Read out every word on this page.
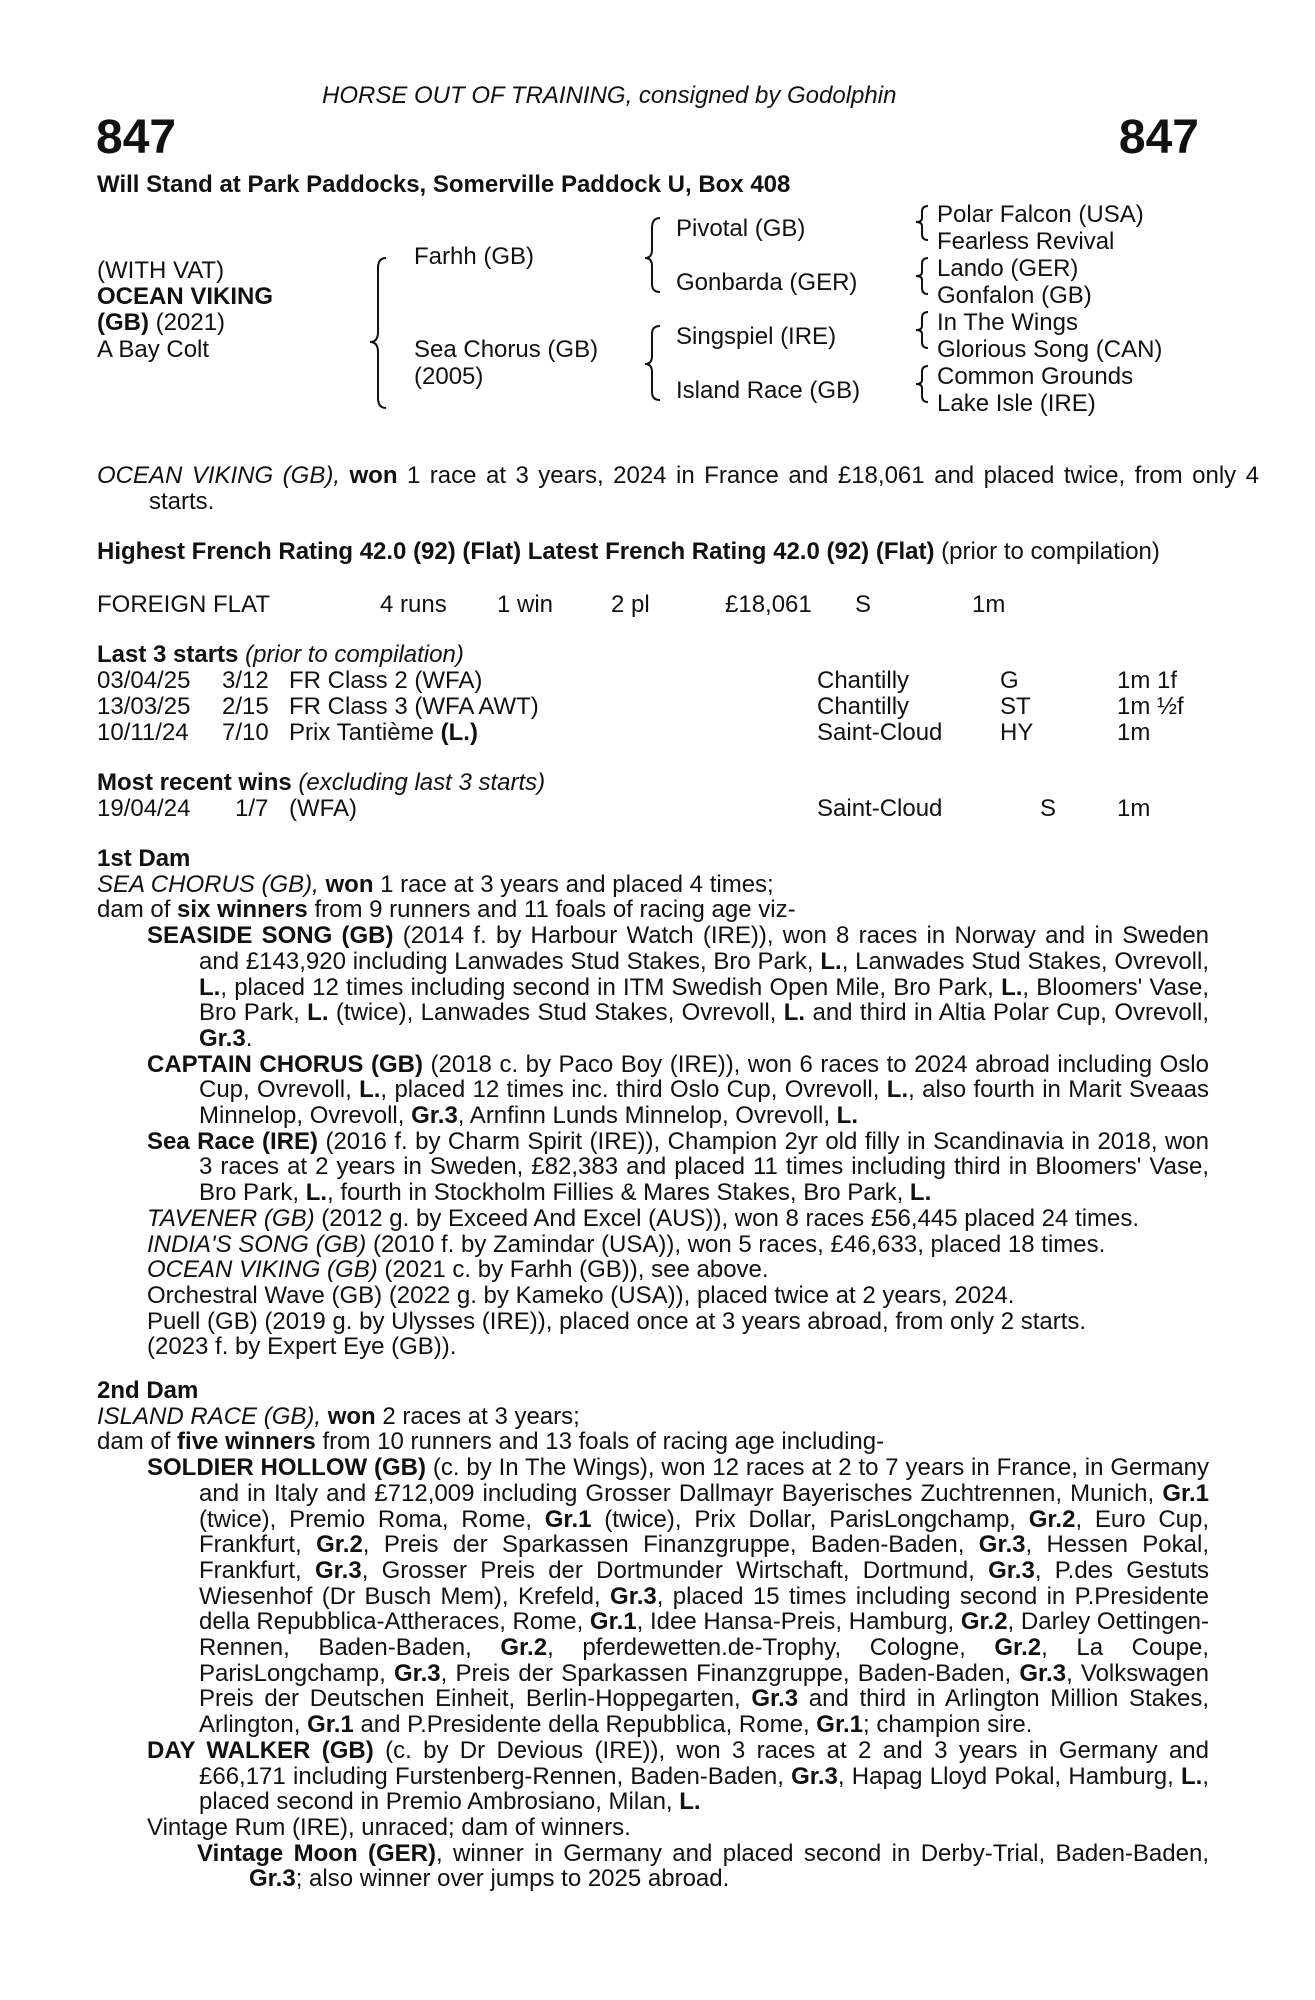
HORSE OUT OF TRAINING, consigned by Godolphin
847	847
Will Stand at Park Paddocks, Somerville Paddock U, Box 408
(WITH VAT)
OCEAN VIKING
(GB) (2021)
A Bay Colt
Farhh (GB)
Sea Chorus (GB)
(2005)
Pivotal (GB)
Gonbarda (GER)
Singspiel (IRE)
Island Race (GB)
Polar Falcon (USA)
Fearless Revival
Lando (GER)
Gonfalon (GB)
In The Wings
Glorious Song (CAN)
Common Grounds
Lake Isle (IRE)
OCEAN VIKING (GB), won 1 race at 3 years, 2024 in France and £18,061 and placed twice, from only 4 starts.
Highest French Rating 42.0 (92) (Flat) Latest French Rating 42.0 (92) (Flat) (prior to compilation)
FOREIGN FLAT	4 runs 1 win 2 pl	£18,061 S	1m
Last 3 starts (prior to compilation)
03/04/25 3/12 FR Class 2 (WFA)	Chantilly	G	1m 1f
13/03/25 2/15 FR Class 3 (WFA AWT)	Chantilly	ST	1m ½f
10/11/24 7/10 Prix Tantième (L.)	Saint-Cloud HY	1m
Most recent wins (excluding last 3 starts)
19/04/24 1/7 (WFA)	Saint-Cloud	S	1m
1st Dam
SEA CHORUS (GB), won 1 race at 3 years and placed 4 times;
dam of six winners from 9 runners and 11 foals of racing age viz-
SEASIDE SONG (GB) (2014 f. by Harbour Watch (IRE)), won 8 races in Norway and in Sweden and £143,920 including Lanwades Stud Stakes, Bro Park, L., Lanwades Stud Stakes, Ovrevoll, L., placed 12 times including second in ITM Swedish Open Mile, Bro Park, L., Bloomers' Vase, Bro Park, L. (twice), Lanwades Stud Stakes, Ovrevoll, L. and third in Altia Polar Cup, Ovrevoll, Gr.3.
CAPTAIN CHORUS (GB) (2018 c. by Paco Boy (IRE)), won 6 races to 2024 abroad including Oslo Cup, Ovrevoll, L., placed 12 times inc. third Oslo Cup, Ovrevoll, L., also fourth in Marit Sveaas Minnelop, Ovrevoll, Gr.3, Arnfinn Lunds Minnelop, Ovrevoll, L.
Sea Race (IRE) (2016 f. by Charm Spirit (IRE)), Champion 2yr old filly in Scandinavia in 2018, won 3 races at 2 years in Sweden, £82,383 and placed 11 times including third in Bloomers' Vase, Bro Park, L., fourth in Stockholm Fillies & Mares Stakes, Bro Park, L.
TAVENER (GB) (2012 g. by Exceed And Excel (AUS)), won 8 races £56,445 placed 24 times.
INDIA'S SONG (GB) (2010 f. by Zamindar (USA)), won 5 races, £46,633, placed 18 times.
OCEAN VIKING (GB) (2021 c. by Farhh (GB)), see above.
Orchestral Wave (GB) (2022 g. by Kameko (USA)), placed twice at 2 years, 2024.
Puell (GB) (2019 g. by Ulysses (IRE)), placed once at 3 years abroad, from only 2 starts.
(2023 f. by Expert Eye (GB)).
2nd Dam
ISLAND RACE (GB), won 2 races at 3 years;
dam of five winners from 10 runners and 13 foals of racing age including-
SOLDIER HOLLOW (GB) (c. by In The Wings), won 12 races at 2 to 7 years in France, in Germany and in Italy and £712,009 including Grosser Dallmayr Bayerisches Zuchtrennen, Munich, Gr.1 (twice), Premio Roma, Rome, Gr.1 (twice), Prix Dollar, ParisLongchamp, Gr.2, Euro Cup, Frankfurt, Gr.2, Preis der Sparkassen Finanzgruppe, Baden-Baden, Gr.3, Hessen Pokal, Frankfurt, Gr.3, Grosser Preis der Dortmunder Wirtschaft, Dortmund, Gr.3, P.des Gestuts Wiesenhof (Dr Busch Mem), Krefeld, Gr.3, placed 15 times including second in P.Presidente della Repubblica-Attheraces, Rome, Gr.1, Idee Hansa-Preis, Hamburg, Gr.2, Darley Oettingen-Rennen, Baden-Baden, Gr.2, pferdewetten.de-Trophy, Cologne, Gr.2, La Coupe, ParisLongchamp, Gr.3, Preis der Sparkassen Finanzgruppe, Baden-Baden, Gr.3, Volkswagen Preis der Deutschen Einheit, Berlin-Hoppegarten, Gr.3 and third in Arlington Million Stakes, Arlington, Gr.1 and P.Presidente della Repubblica, Rome, Gr.1; champion sire.
DAY WALKER (GB) (c. by Dr Devious (IRE)), won 3 races at 2 and 3 years in Germany and £66,171 including Furstenberg-Rennen, Baden-Baden, Gr.3, Hapag Lloyd Pokal, Hamburg, L., placed second in Premio Ambrosiano, Milan, L.
Vintage Rum (IRE), unraced; dam of winners.
Vintage Moon (GER), winner in Germany and placed second in Derby-Trial, Baden-Baden, Gr.3; also winner over jumps to 2025 abroad.
